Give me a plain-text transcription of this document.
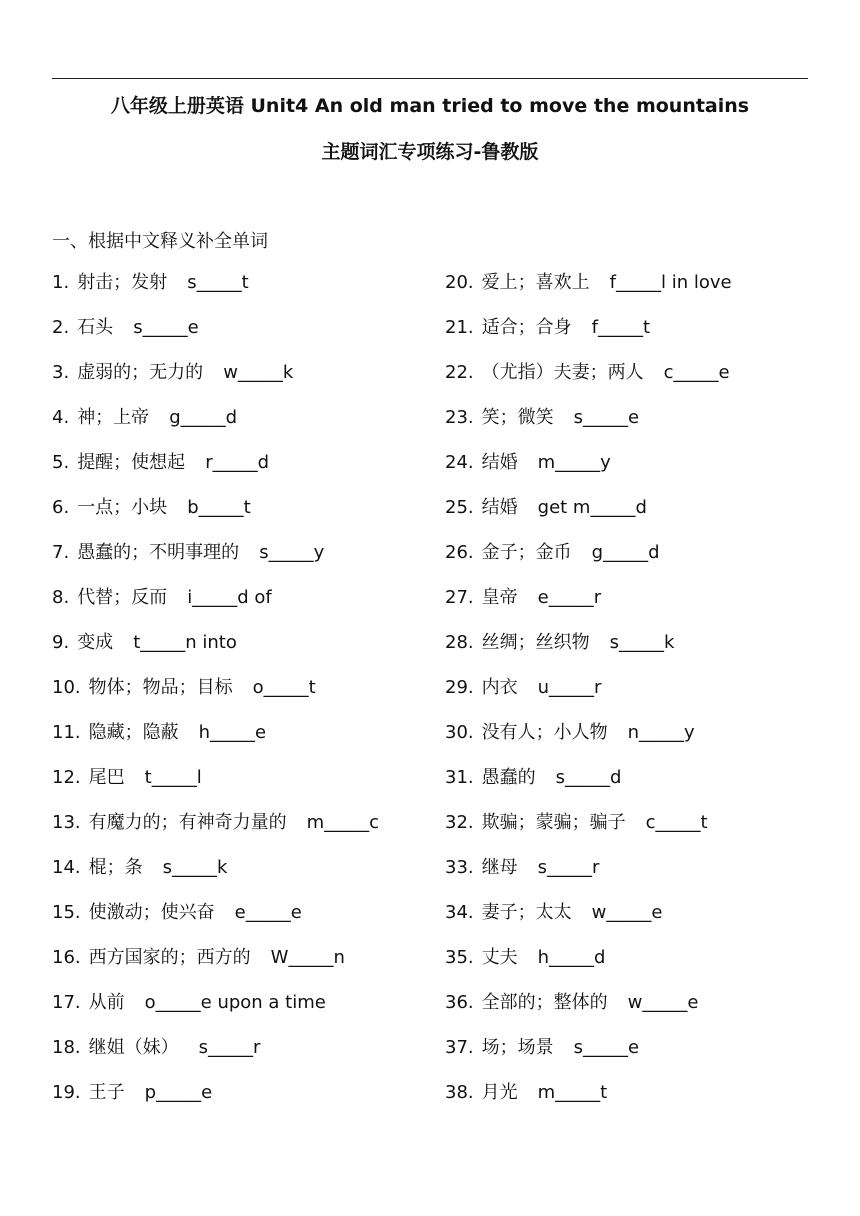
八年级上册英语 Unit4 An old man tried to move the mountains
主题词汇专项练习-鲁教版
一、根据中文释义补全单词
1. 射击；发射 s_____t
2. 石头 s_____e
3. 虚弱的；无力的 w_____k
4. 神；上帝 g_____d
5. 提醒；使想起 r_____d
6. 一点；小块 b_____t
7. 愚蠢的；不明事理的 s_____y
8. 代替；反而 i_____d of
9. 变成 t_____n into
10. 物体；物品；目标 o_____t
11. 隐藏；隐蔽 h_____e
12. 尾巴 t_____l
13. 有魔力的；有神奇力量的 m_____c
14. 棍；条 s_____k
15. 使激动；使兴奋 e_____e
16. 西方国家的；西方的 W_____n
17. 从前 o_____e upon a time
18. 继姐（妹） s_____r
19. 王子 p_____e
20. 爱上；喜欢上 f_____l in love
21. 适合；合身 f_____t
22. （尤指）夫妻；两人 c_____e
23. 笑；微笑 s_____e
24. 结婚 m_____y
25. 结婚 get m_____d
26. 金子；金币 g_____d
27. 皇帝 e_____r
28. 丝绸；丝织物 s_____k
29. 内衣 u_____r
30. 没有人；小人物 n_____y
31. 愚蠢的 s_____d
32. 欺骗；蒙骗；骗子 c_____t
33. 继母 s_____r
34. 妻子；太太 w_____e
35. 丈夫 h_____d
36. 全部的；整体的 w_____e
37. 场；场景 s_____e
38. 月光 m_____t
